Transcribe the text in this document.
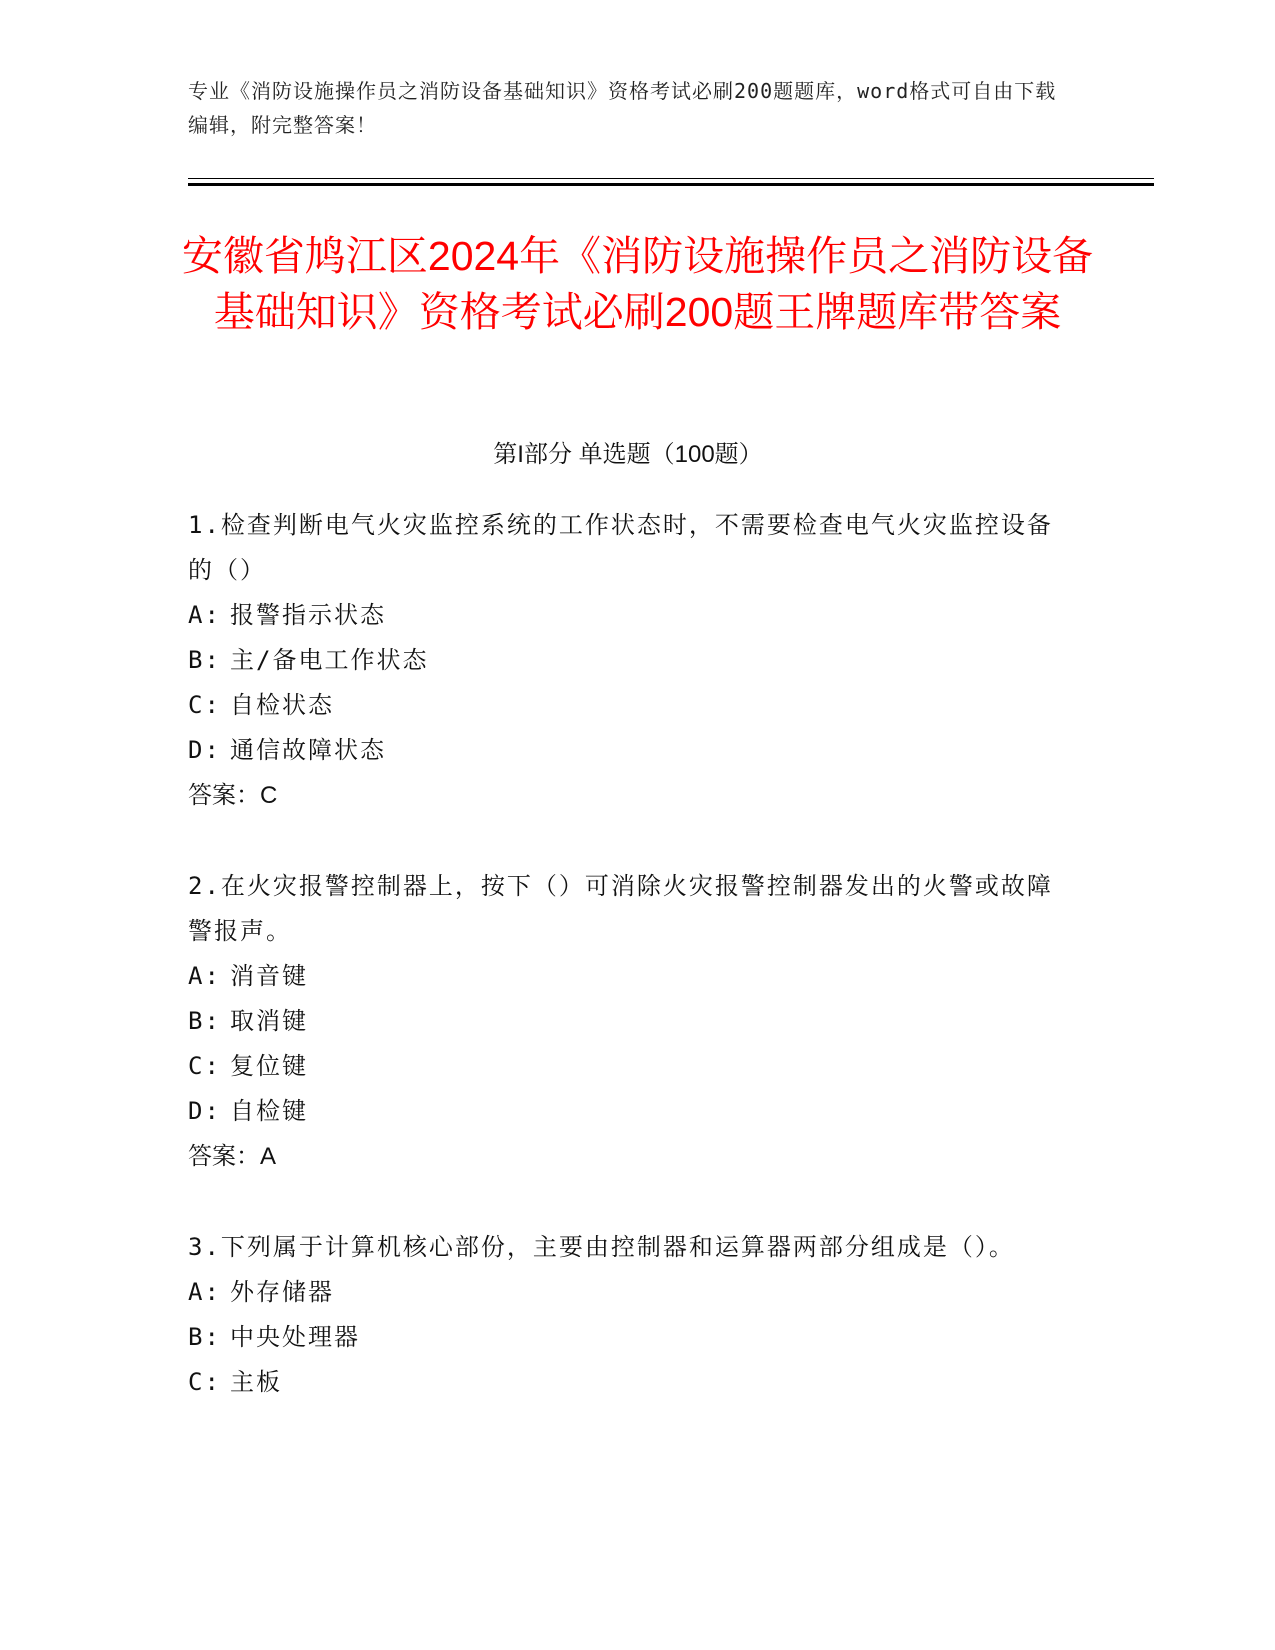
专业《消防设施操作员之消防设备基础知识》资格考试必刷200题题库，word格式可自由下载编辑，附完整答案！
安徽省鸠江区2024年《消防设施操作员之消防设备基础知识》资格考试必刷200题王牌题库带答案
第I部分 单选题（100题）

1.检查判断电气火灾监控系统的工作状态时，不需要检查电气火灾监控设备的（）

A: 报警指示状态
B: 主/备电工作状态
C: 自检状态
D: 通信故障状态
答案：C

2.在火灾报警控制器上，按下（）可消除火灾报警控制器发出的火警或故障警报声。

A: 消音键
B: 取消键
C: 复位键
D: 自检键
答案：A

3.下列属于计算机核心部份，主要由控制器和运算器两部分组成是（）。

A: 外存储器
B: 中央处理器
C: 主板
